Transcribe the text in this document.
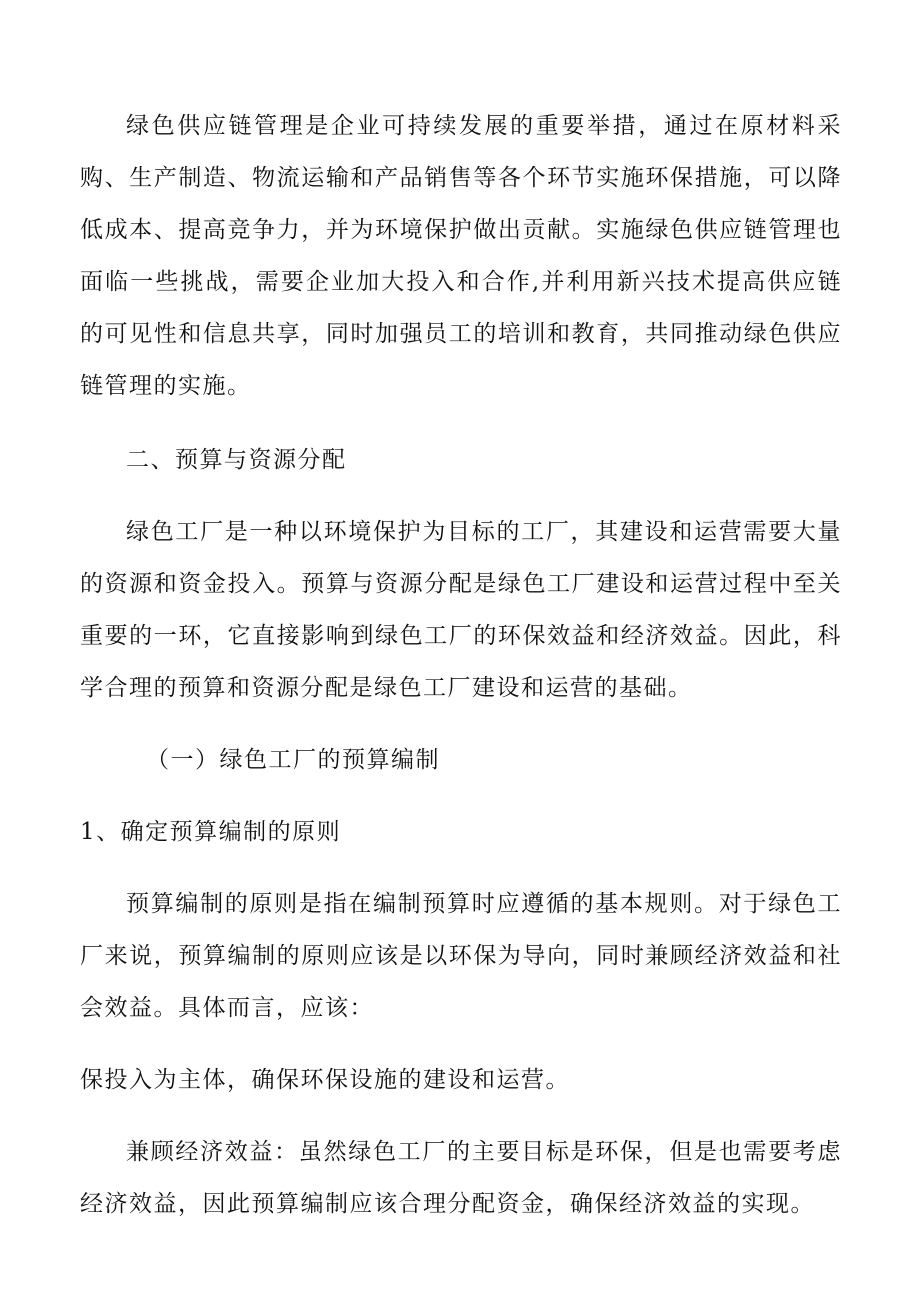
绿色供应链管理是企业可持续发展的重要举措，通过在原材料采购、生产制造、物流运输和产品销售等各个环节实施环保措施，可以降低成本、提高竞争力，并为环境保护做出贡献。实施绿色供应链管理也面临一些挑战，需要企业加大投入和合作,并利用新兴技术提高供应链的可见性和信息共享，同时加强员工的培训和教育，共同推动绿色供应链管理的实施。

二、预算与资源分配

绿色工厂是一种以环境保护为目标的工厂，其建设和运营需要大量的资源和资金投入。预算与资源分配是绿色工厂建设和运营过程中至关重要的一环，它直接影响到绿色工厂的环保效益和经济效益。因此，科学合理的预算和资源分配是绿色工厂建设和运营的基础。

（一）绿色工厂的预算编制

1、确定预算编制的原则

预算编制的原则是指在编制预算时应遵循的基本规则。对于绿色工厂来说，预算编制的原则应该是以环保为导向，同时兼顾经济效益和社会效益。具体而言，应该：

保投入为主体，确保环保设施的建设和运营。

兼顾经济效益：虽然绿色工厂的主要目标是环保，但是也需要考虑经济效益，因此预算编制应该合理分配资金，确保经济效益的实现。
